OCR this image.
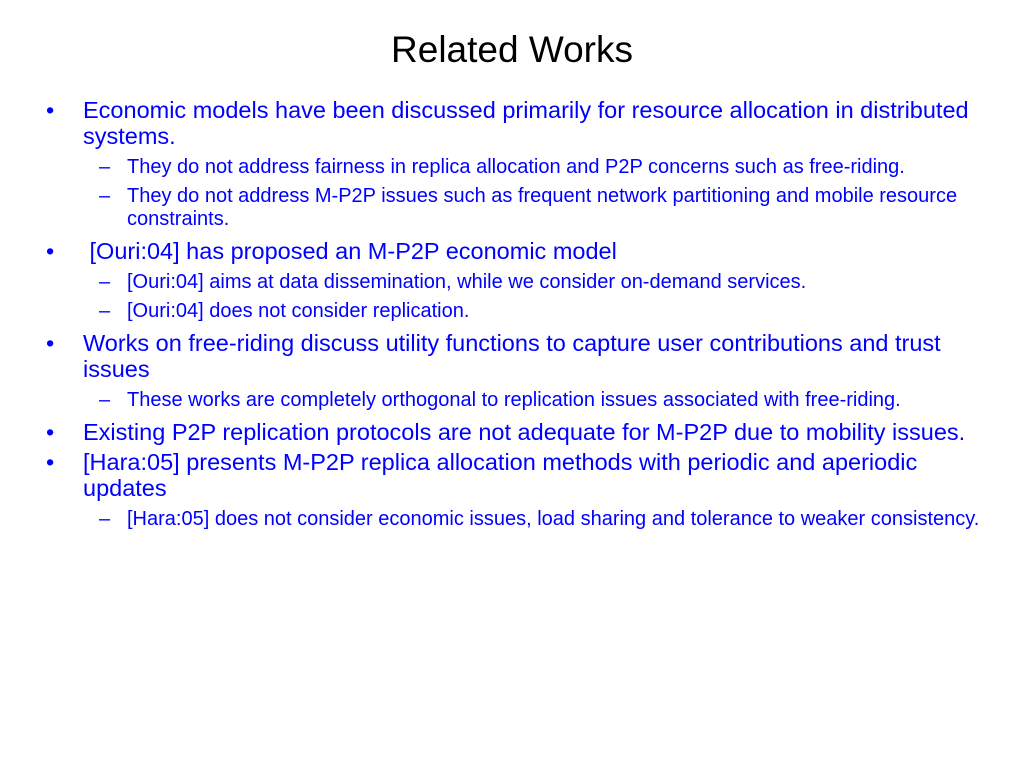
Related Works
• Economic models have been discussed primarily for resource allocation in distributed systems.
– They do not address fairness in replica allocation and P2P concerns such as free-riding.
– They do not address M-P2P issues such as frequent network partitioning and mobile resource constraints.
• [Ouri:04] has proposed an M-P2P economic model
– [Ouri:04] aims at data dissemination, while we consider on-demand services.
– [Ouri:04] does not consider replication.
• Works on free-riding discuss utility functions to capture user contributions and trust issues
– These works are completely orthogonal to replication issues associated with free-riding.
• Existing P2P replication protocols are not adequate for M-P2P due to mobility issues.
• [Hara:05] presents M-P2P replica allocation methods with periodic and aperiodic updates
– [Hara:05] does not consider economic issues, load sharing and tolerance to weaker consistency.
